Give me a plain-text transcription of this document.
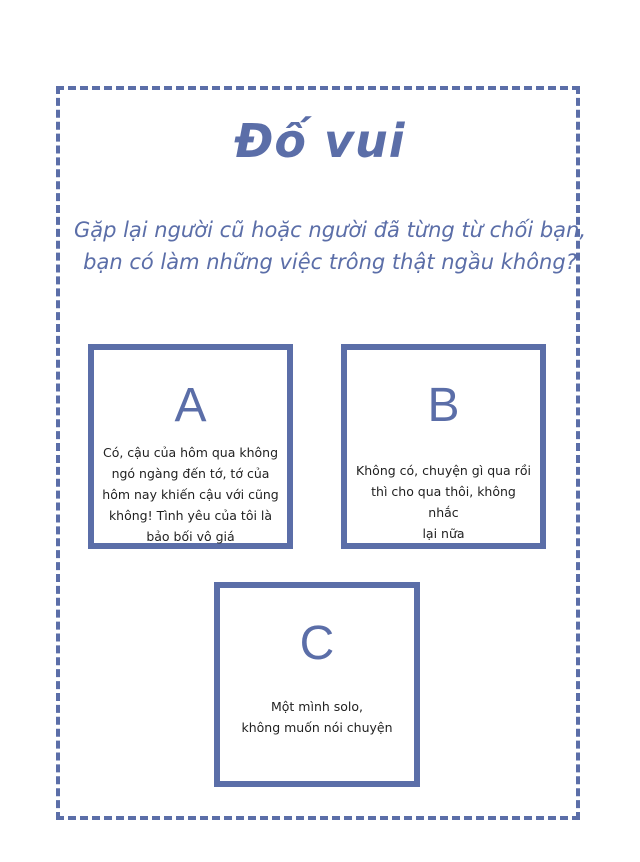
Đố vui
Gặp lại người cũ hoặc người đã từng từ chối bạn,
bạn có làm những việc trông thật ngầu không?
A
Có, cậu của hôm qua không
ngó ngàng đến tớ, tớ của
hôm nay khiến cậu với cũng
không! Tình yêu của tôi là
bảo bối vô giá
B
Không có, chuyện gì qua rồi
thì cho qua thôi, không nhắc
lại nữa
C
Một mình solo,
không muốn nói chuyện
